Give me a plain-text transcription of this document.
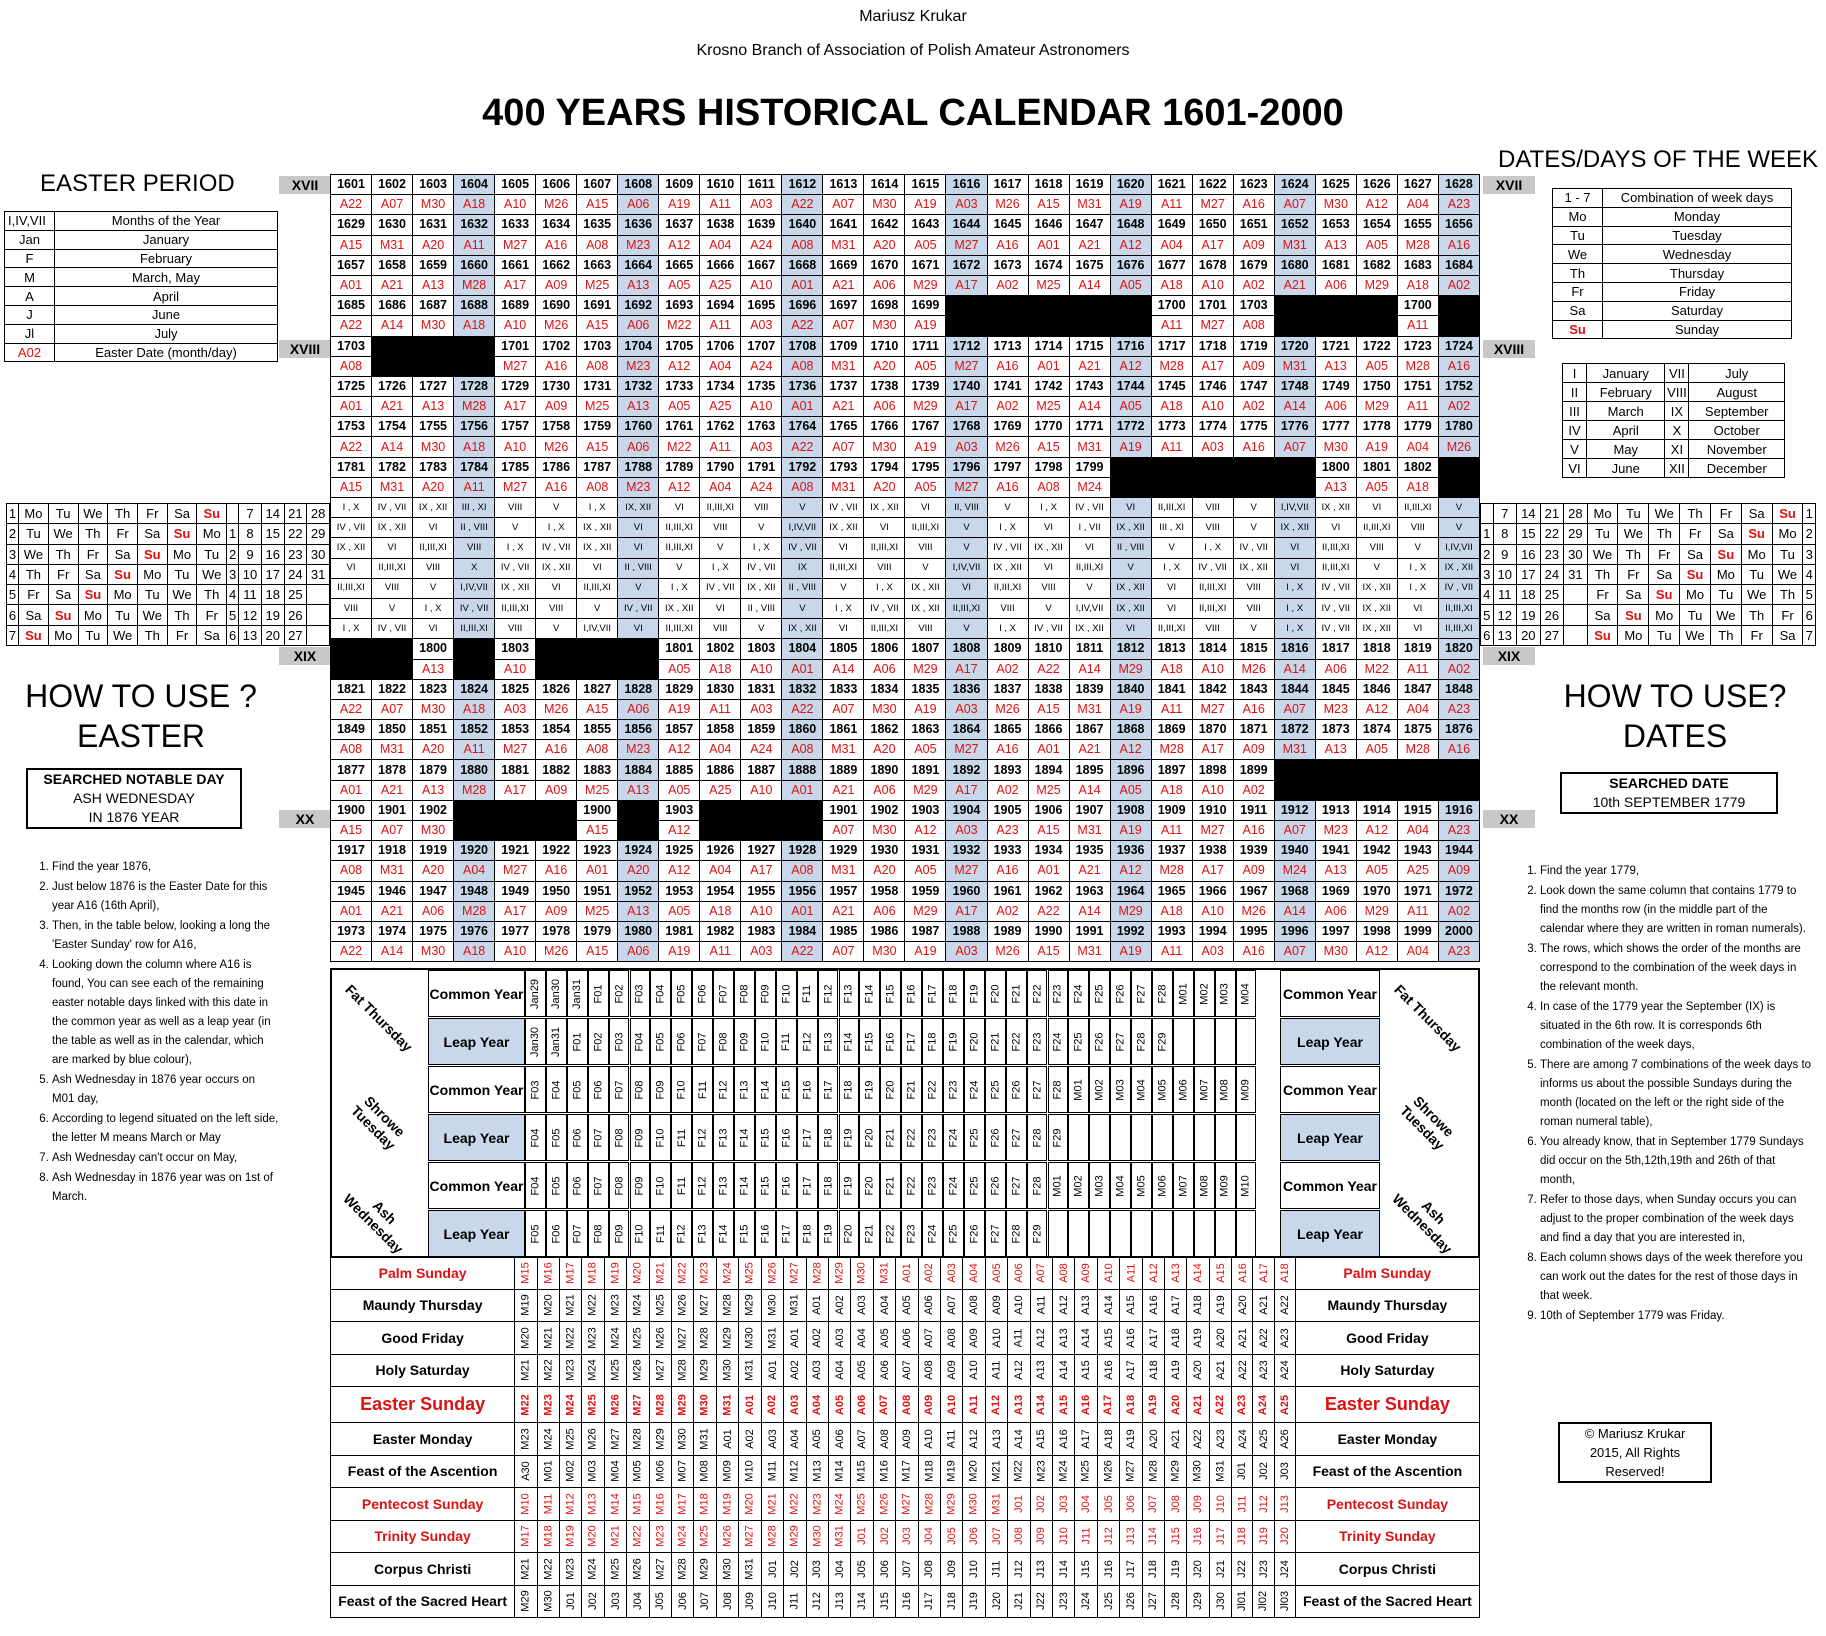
Mariusz Krukar
Krosno Branch of Association of Polish Amateur Astronomers
400 YEARS HISTORICAL CALENDAR 1601-2000
EASTER PERIOD
DATES/DAYS OF THE WEEK
I,IV,VII	Months of the Year
Jan	January
F	February
M	March, May
A	April
J	June
Jl	July
A02	Easter Date (month/day)
1 - 7	Combination of week days
Mo	Monday
Tu	Tuesday
We	Wednesday
Th	Thursday
Fr	Friday
Sa	Saturday
Su	Sunday
I	January	VII	July
II	February	VIII	August
III	March	IX	September
IV	April	X	October
V	May	XI	November
VI	June	XII	December
XVII	XVII
XVIII	XVIII
XIX	XIX
XX	XX
1601	1602	1603	1604	1605	1606	1607	1608	1609	1610	1611	1612	1613	1614	1615	1616	1617	1618	1619	1620	1621	1622	1623	1624	1625	1626	1627	1628
A22	A07	M30	A18	A10	M26	A15	A06	A19	A11	A03	A22	A07	M30	A19	A03	M26	A15	M31	A19	A11	M27	A16	A07	M30	A12	A04	A23
1629	1630	1631	1632	1633	1634	1635	1636	1637	1638	1639	1640	1641	1642	1643	1644	1645	1646	1647	1648	1649	1650	1651	1652	1653	1654	1655	1656
A15	M31	A20	A11	M27	A16	A08	M23	A12	A04	A24	A08	M31	A20	A05	M27	A16	A01	A21	A12	A04	A17	A09	M31	A13	A05	M28	A16
1657	1658	1659	1660	1661	1662	1663	1664	1665	1666	1667	1668	1669	1670	1671	1672	1673	1674	1675	1676	1677	1678	1679	1680	1681	1682	1683	1684
A01	A21	A13	M28	A17	A09	M25	A13	A05	A25	A10	A01	A21	A06	M29	A17	A02	M25	A14	A05	A18	A10	A02	A21	A06	M29	A18	A02
1685	1686	1687	1688	1689	1690	1691	1692	1693	1694	1695	1696	1697	1698	1699						1700	1701	1703				1700	
A22	A14	M30	A18	A10	M26	A15	A06	M22	A11	A03	A22	A07	M30	A19						A11	M27	A08				A11	
1703				1701	1702	1703	1704	1705	1706	1707	1708	1709	1710	1711	1712	1713	1714	1715	1716	1717	1718	1719	1720	1721	1722	1723	1724
A08				M27	A16	A08	M23	A12	A04	A24	A08	M31	A20	A05	M27	A16	A01	A21	A12	M28	A17	A09	M31	A13	A05	M28	A16
1725	1726	1727	1728	1729	1730	1731	1732	1733	1734	1735	1736	1737	1738	1739	1740	1741	1742	1743	1744	1745	1746	1747	1748	1749	1750	1751	1752
A01	A21	A13	M28	A17	A09	M25	A13	A05	A25	A10	A01	A21	A06	M29	A17	A02	M25	A14	A05	A18	A10	A02	A14	A06	M29	A11	A02
1753	1754	1755	1756	1757	1758	1759	1760	1761	1762	1763	1764	1765	1766	1767	1768	1769	1770	1771	1772	1773	1774	1775	1776	1777	1778	1779	1780
A22	A14	M30	A18	A10	M26	A15	A06	M22	A11	A03	A22	A07	M30	A19	A03	M26	A15	M31	A19	A11	A03	A16	A07	M30	A19	A04	M26
1781	1782	1783	1784	1785	1786	1787	1788	1789	1790	1791	1792	1793	1794	1795	1796	1797	1798	1799						1800	1801	1802	
A15	M31	A20	A11	M27	A16	A08	M23	A12	A04	A24	A08	M31	A20	A05	M27	A16	A08	M24						A13	A05	A18	
I , X	IV , VII	IX , XII	III , XI	VIII	V	I , X	IX, XII	VI	II,III,XI	VIII	V	IV , VII	IX , XII	VI	II, VIII	V	I , X	IV , VII	VI	II,III,XI	VIII	V	I,IV,VII	IX , XII	VI	II,III,XI	V
IV , VII	IX , XII	VI	II , VIII	V	I , X	IX , XII	VI	II,III,XI	VIII	V	I,IV,VII	IX , XII	VI	II,III,XI	V	I , X	VI	I , VII	IX , XII	III , XI	VIII	V	IX , XII	VI	II,III,XI	VIII	V
IX , XII	VI	II,III,XI	VIII	I , X	IV , VII	IX , XII	VI	II,III,XI	V	I , X	IV , VII	VI	II,III,XI	VIII	V	IV , VII	IX , XII	VI	II , VIII	V	I , X	IV , VII	VI	II,III,XI	VIII	V	I,IV,VII
VI	II,III,XI	VIII	X	IV , VII	IX , XII	VI	II , VIII	V	I , X	IV , VII	IX	II,III,XI	VIII	V	I,IV,VII	IX , XII	VI	II,III,XI	V	I , X	IV , VII	IX , XII	VI	II,III,XI	V	I , X	IX , XII
II,III,XI	VIII	V	I,IV,VII	IX , XII	VI	II,III,XI	V	I , X	IV , VII	IX , XII	II , VIII	V	I , X	IX , XII	VI	II,III,XI	VIII	V	IX , XII	VI	II,III,XI	VIII	I , X	IV , VII	IX , XII	I , X	IV , VII
VIII	V	I , X	IV , VII	II,III,XI	VIII	V	IV , VII	IX , XII	VI	II , VIII	V	I , X	IV , VII	IX , XII	II,III,XI	VIII	V	I,IV,VII	IX , XII	VI	II,III,XI	VIII	I , X	IV , VII	IX , XII	VI	II,III,XI
I , X	IV , VII	VI	II,III,XI	VIII	V	I,IV,VII	VI	II,III,XI	VIII	V	IX , XII	VI	II,III,XI	VIII	V	I , X	IV , VII	IX , XII	VI	II,III,XI	VIII	V	I , X	IV , VII	IX , XII	VI	II,III,XI
		1800		1803				1801	1802	1803	1804	1805	1806	1807	1808	1809	1810	1811	1812	1813	1814	1815	1816	1817	1818	1819	1820
		A13		A10				A05	A18	A10	A01	A14	A06	M29	A17	A02	A22	A14	M29	A18	A10	M26	A14	A06	M22	A11	A02
1821	1822	1823	1824	1825	1826	1827	1828	1829	1830	1831	1832	1833	1834	1835	1836	1837	1838	1839	1840	1841	1842	1843	1844	1845	1846	1847	1848
A22	A07	M30	A18	A03	M26	A15	A06	A19	A11	A03	A22	A07	M30	A19	A03	M26	A15	M31	A19	A11	M27	A16	A07	M23	A12	A04	A23
1849	1850	1851	1852	1853	1854	1855	1856	1857	1858	1859	1860	1861	1862	1863	1864	1865	1866	1867	1868	1869	1870	1871	1872	1873	1874	1875	1876
A08	M31	A20	A11	M27	A16	A08	M23	A12	A04	A24	A08	M31	A20	A05	M27	A16	A01	A21	A12	M28	A17	A09	M31	A13	A05	M28	A16
1877	1878	1879	1880	1881	1882	1883	1884	1885	1886	1887	1888	1889	1890	1891	1892	1893	1894	1895	1896	1897	1898	1899					
A01	A21	A13	M28	A17	A09	M25	A13	A05	A25	A10	A01	A21	A06	M29	A17	A02	M25	A14	A05	A18	A10	A02					
1900	1901	1902				1900		1903				1901	1902	1903	1904	1905	1906	1907	1908	1909	1910	1911	1912	1913	1914	1915	1916
A15	A07	M30				A15		A12				A07	M30	A12	A03	A23	A15	M31	A19	A11	M27	A16	A07	M23	A12	A04	A23
1917	1918	1919	1920	1921	1922	1923	1924	1925	1926	1927	1928	1929	1930	1931	1932	1933	1934	1935	1936	1937	1938	1939	1940	1941	1942	1943	1944
A08	M31	A20	A04	M27	A16	A01	A20	A12	A04	A17	A08	M31	A20	A05	M27	A16	A01	A21	A12	M28	A17	A09	M24	A13	A05	A25	A09
1945	1946	1947	1948	1949	1950	1951	1952	1953	1954	1955	1956	1957	1958	1959	1960	1961	1962	1963	1964	1965	1966	1967	1968	1969	1970	1971	1972
A01	A21	A06	M28	A17	A09	M25	A13	A05	A18	A10	A01	A21	A06	M29	A17	A02	A22	A14	M29	A18	A10	M26	A14	A06	M29	A11	A02
1973	1974	1975	1976	1977	1978	1979	1980	1981	1982	1983	1984	1985	1986	1987	1988	1989	1990	1991	1992	1993	1994	1995	1996	1997	1998	1999	2000
A22	A14	M30	A18	A10	M26	A15	A06	A19	A11	A03	A22	A07	M30	A19	A03	M26	A15	M31	A19	A11	A03	A16	A07	M30	A12	A04	A23
1	Mo	Tu	We	Th	Fr	Sa	Su		7	14	21	28
2	Tu	We	Th	Fr	Sa	Su	Mo	1	8	15	22	29
3	We	Th	Fr	Sa	Su	Mo	Tu	2	9	16	23	30
4	Th	Fr	Sa	Su	Mo	Tu	We	3	10	17	24	31
5	Fr	Sa	Su	Mo	Tu	We	Th	4	11	18	25	
6	Sa	Su	Mo	Tu	We	Th	Fr	5	12	19	26	
7	Su	Mo	Tu	We	Th	Fr	Sa	6	13	20	27	
	7	14	21	28	Mo	Tu	We	Th	Fr	Sa	Su	1
1	8	15	22	29	Tu	We	Th	Fr	Sa	Su	Mo	2
2	9	16	23	30	We	Th	Fr	Sa	Su	Mo	Tu	3
3	10	17	24	31	Th	Fr	Sa	Su	Mo	Tu	We	4
4	11	18	25		Fr	Sa	Su	Mo	Tu	We	Th	5
5	12	19	26		Sa	Su	Mo	Tu	We	Th	Fr	6
6	13	20	27		Su	Mo	Tu	We	Th	Fr	Sa	7
HOW TO USE ?
EASTER
SEARCHED NOTABLE DAY
ASH WEDNESDAY
IN 1876 YEAR
1. Find the year 1876,
2. Just below 1876 is the Easter Date for this year A16 (16th April),
3. Then, in the table below, looking a long the 'Easter Sunday' row for A16,
4. Looking down the column where A16 is found, You can see each of the remaining easter notable days linked with this date in the common year as well as a leap year (in the table as well as in the calendar, which are marked by blue colour),
5. Ash Wednesday in 1876 year occurs on M01 day,
6. According to legend situated on the left side, the letter M means March or May
7. Ash Wednesday can't occur on May,
8. Ash Wednesday in 1876 year was on 1st of March.
HOW TO USE?
DATES
SEARCHED DATE
10th SEPTEMBER 1779
1. Find the year 1779,
2. Look down the same column that contains 1779 to find the months row (in the middle part of the calendar where they are written in roman numerals).
3. The rows, which shows the order of the months are correspond to the combination of the week days in the relevant month.
4. In case of the 1779 year the September (IX) is situated in the 6th row. It is corresponds 6th combination of the week days,
5. There are among 7 combinations of the week days to informs us about the possible Sundays during the month (located on the left or the right side of the roman numeral table),
6. You already know, that in September 1779 Sundays did occur on the 5th,12th,19th and 26th of that month,
7. Refer to those days, when Sunday occurs you can adjust to the proper combination of the week days and find a day that you are interested in,
8. Each column shows days of the week therefore you can work out the dates for the rest of those days in that week.
9. 10th of September 1779 was Friday.
© Mariusz Krukar
2015, All Rights Reserved!
Fat Thursday	Fat Thursday
Common Year	Common Year
Jan29 Jan30 Jan31 F01 F02 F03 F04 F05 F06 F07 F08 F09 F10 F11 F12 F13 F14 F15 F16 F17 F18 F19 F20 F21 F22 F23 F24 F25 F26 F27 F28 M01 M02 M03 M04
Leap Year	Leap Year
Jan30 Jan31 F01 F02 F03 F04 F05 F06 F07 F08 F09 F10 F11 F12 F13 F14 F15 F16 F17 F18 F19 F20 F21 F22 F23 F24 F25 F26 F27 F28 F29
Shrowe Tuesday	Shrowe Tuesday
Common Year	Common Year
F03 F04 F05 F06 F07 F08 F09 F10 F11 F12 F13 F14 F15 F16 F17 F18 F19 F20 F21 F22 F23 F24 F25 F26 F27 F28 M01 M02 M03 M04 M05 M06 M07 M08 M09
Leap Year	Leap Year
F04 F05 F06 F07 F08 F09 F10 F11 F12 F13 F14 F15 F16 F17 F18 F19 F20 F21 F22 F23 F24 F25 F26 F27 F28 F29
Ash Wednesday	Ash Wednesday
Common Year	Common Year
F04 F05 F06 F07 F08 F09 F10 F11 F12 F13 F14 F15 F16 F17 F18 F19 F20 F21 F22 F23 F24 F25 F26 F27 F28 M01 M02 M03 M04 M05 M06 M07 M08 M09 M10
Leap Year	Leap Year
F05 F06 F07 F08 F09 F10 F11 F12 F13 F14 F15 F16 F17 F18 F19 F20 F21 F22 F23 F24 F25 F26 F27 F28 F29
Palm Sunday	M15	M16	M17	M18	M19	M20	M21	M22	M23	M24	M25	M26	M27	M28	M29	M30	M31	A01	A02	A03	A04	A05	A06	A07	A08	A09	A10	A11	A12	A13	A14	A15	A16	A17	A18	Palm Sunday
Maundy Thursday	M19	M20	M21	M22	M23	M24	M25	M26	M27	M28	M29	M30	M31	A01	A02	A03	A04	A05	A06	A07	A08	A09	A10	A11	A12	A13	A14	A15	A16	A17	A18	A19	A20	A21	A22	Maundy Thursday
Good Friday	M20	M21	M22	M23	M24	M25	M26	M27	M28	M29	M30	M31	A01	A02	A03	A04	A05	A06	A07	A08	A09	A10	A11	A12	A13	A14	A15	A16	A17	A18	A19	A20	A21	A22	A23	Good Friday
Holy Saturday	M21	M22	M23	M24	M25	M26	M27	M28	M29	M30	M31	A01	A02	A03	A04	A05	A06	A07	A08	A09	A10	A11	A12	A13	A14	A15	A16	A17	A18	A19	A20	A21	A22	A23	A24	Holy Saturday
Easter Sunday	M22	M23	M24	M25	M26	M27	M28	M29	M30	M31	A01	A02	A03	A04	A05	A06	A07	A08	A09	A10	A11	A12	A13	A14	A15	A16	A17	A18	A19	A20	A21	A22	A23	A24	A25	Easter Sunday
Easter Monday	M23	M24	M25	M26	M27	M28	M29	M30	M31	A01	A02	A03	A04	A05	A06	A07	A08	A09	A10	A11	A12	A13	A14	A15	A16	A17	A18	A19	A20	A21	A22	A23	A24	A25	A26	Easter Monday
Feast of the Ascention	A30	M01	M02	M03	M04	M05	M06	M07	M08	M09	M10	M11	M12	M13	M14	M15	M16	M17	M18	M19	M20	M21	M22	M23	M24	M25	M26	M27	M28	M29	M30	M31	J01	J02	J03	Feast of the Ascention
Pentecost Sunday	M10	M11	M12	M13	M14	M15	M16	M17	M18	M19	M20	M21	M22	M23	M24	M25	M26	M27	M28	M29	M30	M31	J01	J02	J03	J04	J05	J06	J07	J08	J09	J10	J11	J12	J13	Pentecost Sunday
Trinity Sunday	M17	M18	M19	M20	M21	M22	M23	M24	M25	M26	M27	M28	M29	M30	M31	J01	J02	J03	J04	J05	J06	J07	J08	J09	J10	J11	J12	J13	J14	J15	J16	J17	J18	J19	J20	Trinity Sunday
Corpus Christi	M21	M22	M23	M24	M25	M26	M27	M28	M29	M30	M31	J01	J02	J03	J04	J05	J06	J07	J08	J09	J10	J11	J12	J13	J14	J15	J16	J17	J18	J19	J20	J21	J22	J23	J24	Corpus Christi
Feast of the Sacred Heart	M29	M30	J01	J02	J03	J04	J05	J06	J07	J08	J09	J10	J11	J12	J13	J14	J15	J16	J17	J18	J19	J20	J21	J22	J23	J24	J25	J26	J27	J28	J29	J30	Jl01	Jl02	Jl03	Feast of the Sacred Heart
